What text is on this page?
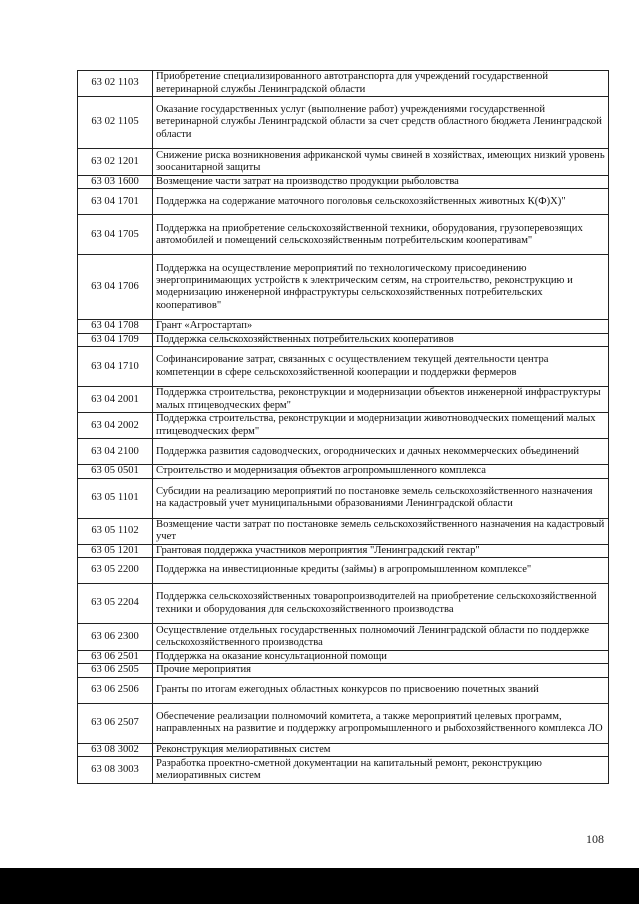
63 02 1103	Приобретение специализированного автотранспорта для учреждений государственной ветеринарной службы Ленинградской области
63 02 1105	Оказание государственных услуг (выполнение работ) учреждениями государственной ветеринарной службы Ленинградской области за счет средств областного бюджета Ленинградской области
63 02 1201	Снижение риска возникновения африканской чумы свиней в хозяйствах, имеющих низкий уровень зоосанитарной защиты
63 03 1600	Возмещение части затрат на производство продукции рыболовства
63 04 1701	Поддержка на содержание маточного поголовья сельскохозяйственных животных К(Ф)Х)"
63 04 1705	Поддержка на приобретение сельскохозяйственной техники, оборудования, грузоперевозящих автомобилей и помещений сельскохозяйственным потребительским кооперативам"
63 04 1706	Поддержка на осуществление мероприятий по технологическому присоединению энергопринимающих устройств к электрическим сетям, на строительство, реконструкцию и модернизацию инженерной инфраструктуры сельскохозяйственных потребительских кооперативов"
63 04 1708	Грант «Агростартап»
63 04 1709	Поддержка сельскохозяйственных потребительских кооперативов
63 04 1710	Софинансирование затрат, связанных с осуществлением текущей деятельности центра компетенции в сфере сельскохозяйственной кооперации и поддержки фермеров
63 04 2001	Поддержка строительства, реконструкции и модернизации объектов инженерной инфраструктуры малых птицеводческих ферм"
63 04 2002	Поддержка строительства, реконструкции и модернизации животноводческих помещений малых птицеводческих ферм"
63 04 2100	Поддержка развития садоводческих, огороднических и дачных некоммерческих объединений
63 05 0501	Строительство и модернизация объектов агропромышленного комплекса
63 05 1101	Субсидии на реализацию мероприятий по постановке земель сельскохозяйственного назначения на кадастровый учет муниципальными образованиями Ленинградской области
63 05 1102	Возмещение части затрат по постановке земель сельскохозяйственного назначения на кадастровый учет
63 05 1201	Грантовая поддержка участников мероприятия "Ленинградский гектар"
63 05 2200	Поддержка на инвестиционные кредиты (займы) в агропромышленном комплексе"
63 05 2204	Поддержка сельскохозяйственных товаропроизводителей на приобретение сельскохозяйственной техники и оборудования для сельскохозяйственного производства
63 06 2300	Осуществление отдельных государственных полномочий Ленинградской области по поддержке сельскохозяйственного производства
63 06 2501	Поддержка на оказание консультационной помощи
63 06 2505	Прочие мероприятия
63 06 2506	Гранты по итогам ежегодных областных конкурсов по присвоению почетных званий
63 06 2507	Обеспечение реализации полномочий комитета, а также мероприятий целевых программ, направленных на развитие и поддержку агропромышленного и рыбохозяйственного комплекса ЛО
63 08 3002	Реконструкция мелиоративных систем
63 08 3003	Разработка проектно-сметной документации на капитальный ремонт, реконструкцию мелиоративных систем
108
